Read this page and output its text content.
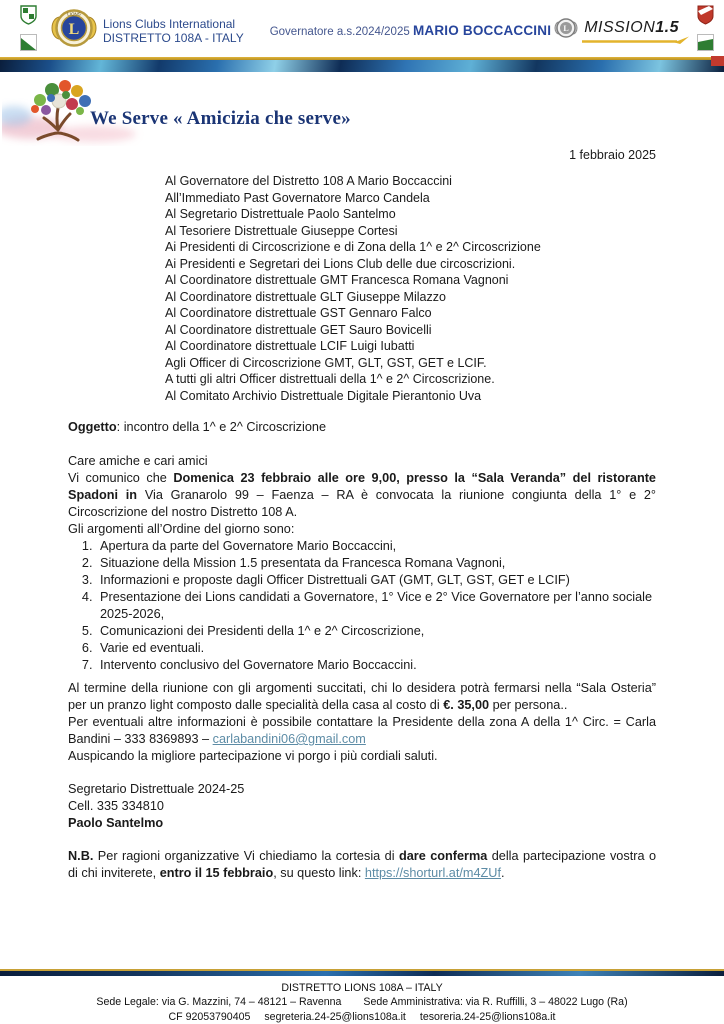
L
LIONS
Lions Clubs International
DISTRETTO 108A - ITALY Governatore a.s.2024/2025 MARIO BOCCACCINI L MISSION1.5
We Serve « Amicizia che serve»
1 febbraio 2025
Al Governatore del Distretto 108 A Mario Boccaccini
All’Immediato Past Governatore Marco Candela
Al Segretario Distrettuale Paolo Santelmo
Al Tesoriere Distrettuale Giuseppe Cortesi
Ai Presidenti di Circoscrizione e di Zona della 1^ e 2^ Circoscrizione
Ai Presidenti e Segretari dei Lions Club delle due circoscrizioni.
Al Coordinatore distrettuale GMT Francesca Romana Vagnoni
Al Coordinatore distrettuale GLT Giuseppe Milazzo
Al Coordinatore distrettuale GST Gennaro Falco
Al Coordinatore distrettuale GET Sauro Bovicelli
Al Coordinatore distrettuale LCIF Luigi Iubatti
Agli Officer di Circoscrizione GMT, GLT, GST, GET e LCIF.
A tutti gli altri Officer distrettuali della 1^ e 2^ Circoscrizione.
Al Comitato Archivio Distrettuale Digitale Pierantonio Uva

Oggetto: incontro della 1^ e 2^ Circoscrizione

Care amiche e cari amici

Vi comunico che Domenica 23 febbraio alle ore 9,00, presso la “Sala Veranda” del ristorante Spadoni in Via Granarolo 99 – Faenza – RA è convocata la riunione congiunta della 1° e 2° Circoscrizione del nostro Distretto 108 A.

Gli argomenti all’Ordine del giorno sono:

1. Apertura da parte del Governatore Mario Boccaccini,
2. Situazione della Mission 1.5 presentata da Francesca Romana Vagnoni,
3. Informazioni e proposte dagli Officer Distrettuali GAT (GMT, GLT, GST, GET e LCIF)
4. Presentazione dei Lions candidati a Governatore, 1° Vice e 2° Vice Governatore per l’anno sociale 2025-2026,
5. Comunicazioni dei Presidenti della 1^ e 2^ Circoscrizione,
6. Varie ed eventuali.
7. Intervento conclusivo del Governatore Mario Boccaccini.

Al termine della riunione con gli argomenti succitati, chi lo desidera potrà fermarsi nella “Sala Osteria” per un pranzo light composto dalle specialità della casa al costo di €. 35,00 per persona..

Per eventuali altre informazioni è possibile contattare la Presidente della zona A della 1^ Circ. = Carla Bandini – 333 8369893 – carlabandini06@gmail.com

Auspicando la migliore partecipazione vi porgo i più cordiali saluti.

Segretario Distrettuale 2024-25

Cell. 335 334810

Paolo Santelmo

N.B. Per ragioni organizzative Vi chiediamo la cortesia di dare conferma della partecipazione vostra o di chi inviterete, entro il 15 febbraio, su questo link: https://shorturl.at/m4ZUf.

DISTRETTO LIONS 108A – ITALY
Sede Legale: via G. Mazzini, 74 – 48121 – Ravenna Sede Amministrativa: via R. Ruffilli, 3 – 48022 Lugo (Ra)
CF 92053790405 segreteria.24-25@lions108a.it tesoreria.24-25@lions108a.it
